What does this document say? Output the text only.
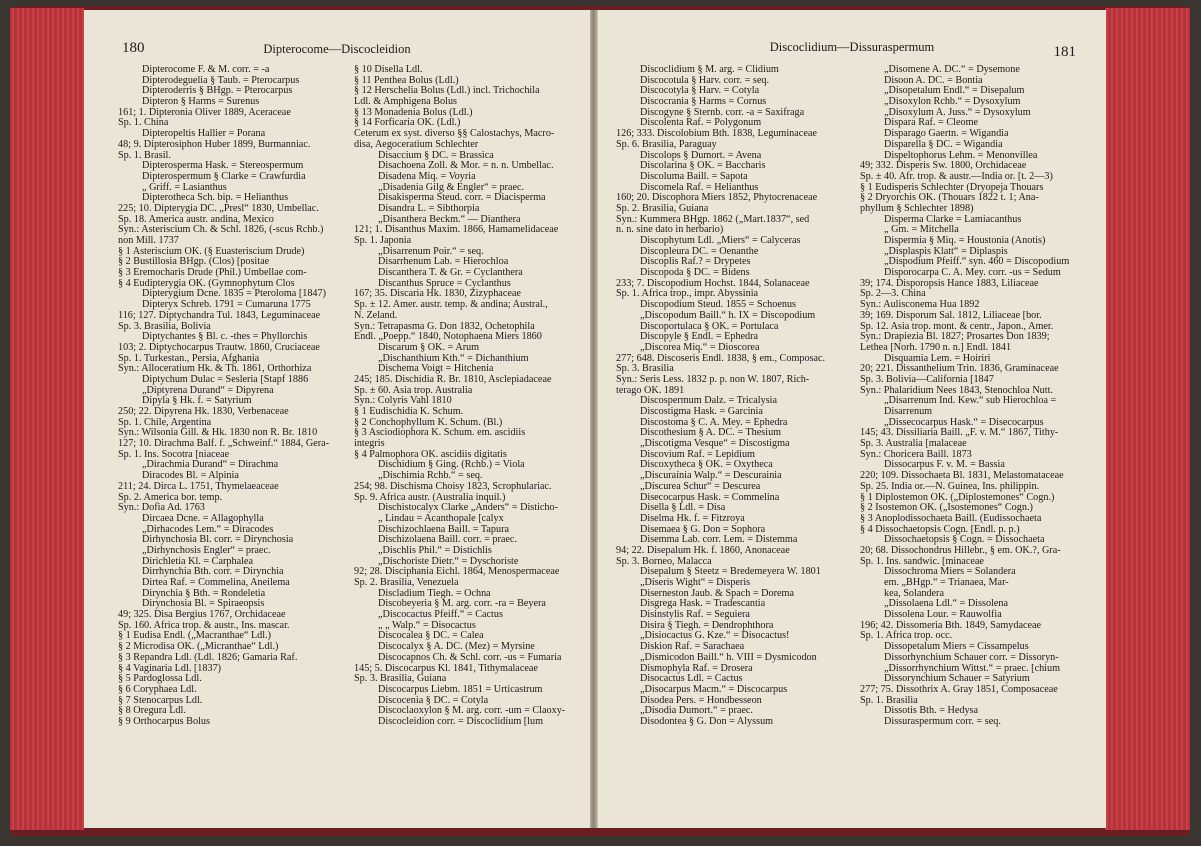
180	Dipterocome—Discocleidion
Dipterocome F. & M. corr. = -a
Dipterodeguelia § Taub. = Pterocarpus
Dipteroderris § BHgp. = Pterocarpus
Dipteron § Harms = Surenus
161; 1. Dipteronia Oliver 1889, Aceraceae
Sp. 1. China
Dipteropeltis Hallier = Porana
48; 9. Dipterosiphon Huber 1899, Burmanniac.
Sp. 1. Brasil.
Dipterosperma Hask. = Stereospermum
Dipterospermum § Clarke = Crawfurdia
„ Griff. = Lasianthus
Dipterotheca Sch. bip. = Helianthus
225; 10. Dipterygia DC. „Presl“ 1830, Umbellac.
Sp. 18. America austr. andina, Mexico
Syn.: Asteriscium Ch. & Schl. 1826, (-scus Rchb.)
non Mill. 1737
§ 1 Asteriscium OK. (§ Euasteriscium Drude)
§ 2 Bustillosia BHgp. (Clos) [positae
§ 3 Eremocharis Drude (Phil.) Umbellae com-
§ 4 Eudipterygia OK. (Gymnophytum Clos
Dipterygium Dcne. 1835 = Pteroloma [1847)
Dipteryx Schreb. 1791 = Cumaruna 1775
116; 127. Diptychandra Tul. 1843, Leguminaceae
Sp. 3. Brasilia, Bolivia
Diptychantes § Bl. c. -thes = Phyllorchis
103; 2. Diptychocarpus Trautw. 1860, Cruciaceae
Sp. 1. Turkestan., Persia, Afghania
Syn.: Alloceratium Hk. & Th. 1861, Orthorhiza
Diptychum Dulac = Sesleria [Stapf 1886
„Diptyrena Durand“ = Dipyrena
Dipyla § Hk. f. = Satyrium
250; 22. Dipyrena Hk. 1830, Verbenaceae
Sp. 1. Chile, Argentina
Syn.: Wilsonia Gill. & Hk. 1830 non R. Br. 1810
127; 10. Dirachma Balf. f. „Schweinf.“ 1884, Gera-
Sp. 1. Ins. Socotra [niaceae
„Dirachmia Durand“ = Dirachma
Diracodes Bl. = Alpinia
211; 24. Dirca L. 1751, Thymelaeaceae
Sp. 2. America bor. temp.
Syn.: Dofia Ad. 1763
Dircaea Dcne. = Allagophylla
„Dirhacodes Lem.“ = Diracodes
Dirhynchosia Bl. corr. = Dirynchosia
„Dirhynchosis Engler“ = praec.
Dirichletia Kl. = Carphalea
Dirrhynchia Bth. corr. = Dirynchia
Dirtea Raf. = Commelina, Aneilema
Dirynchia § Bth. = Rondeletia
Dirynchosia Bl. = Spiraeopsis
49; 325. Disa Bergius 1767, Orchidaceae
Sp. 160. Africa trop. & austr., Ins. mascar.
§ 1 Eudisa Endl. („Macranthae“ Ldl.)
§ 2 Microdisa OK. („Micranthae“ Ldl.)
§ 3 Repandra Ldl. (Ldl. 1826; Gamaria Raf.
§ 4 Vaginaria Ldl. [1837)
§ 5 Pardoglossa Ldl.
§ 6 Coryphaea Ldl.
§ 7 Stenocarpus Ldl.
§ 8 Oregura Ldl.
§ 9 Orthocarpus Bolus
§ 10 Disella Ldl.
§ 11 Penthea Bolus (Ldl.)
§ 12 Herschelia Bolus (Ldl.) incl. Trichochila
Ldl. & Amphigena Bolus
§ 13 Monadenia Bolus (Ldl.)
§ 14 Forficaria OK. (Ldl.)
Ceterum ex syst. diverso §§ Calostachys, Macro-
disa, Aegoceratium Schlechter
Disaccium § DC. = Brassica
Disachoena Zoll. & Mor. = n. n. Umbellac.
Disadena Miq. = Voyria
„Disadenia Gilg & Engler“ = praec.
Disakisperma Steud. corr. = Diacisperma
Disandra L. = Sibthorpia
„Disanthera Beckm.“ — Dianthera
121; 1. Disanthus Maxim. 1866, Hamamelidaceae
Sp. 1. Japonia
„Disarrenum Poir.“ = seq.
Disarrhenum Lab. = Hierochloa
Discanthera T. & Gr. = Cyclanthera
Discanthus Spruce = Cyclanthus
167; 35. Discaria Hk. 1830, Zizyphaceae
Sp. ± 12. Amer. austr. temp. & andina; Austral.,
N. Zeland.
Syn.: Tetrapasma G. Don 1832, Ochetophila
Endl. „Poepp.“ 1840, Notophaena Miers 1860
Discarum § OK. = Arum
„Dischanthium Kth.“ = Dichanthium
Dischema Voigt = Hitchenia
245; 185. Dischidia R. Br. 1810, Asclepiadaceae
Sp. ± 60. Asia trop. Australia
Syn.: Colyris Vahl 1810
§ 1 Eudischidia K. Schum.
§ 2 Conchophyllum K. Schum. (Bl.)
§ 3 Asciodiophora K. Schum. em. ascidiis
integris
§ 4 Palmophora OK. ascidiis digitatis
Dischidium § Ging. (Rchb.) = Viola
„Dischimia Rchb.“ = seq.
254; 98. Dischisma Choisy 1823, Scrophulariac.
Sp. 9. Africa austr. (Australia inquil.)
Dischistocalyx Clarke „Anders“ = Disticho-
„ Lindau = Acanthopale [calyx
Dischizochlaena Baill. = Tapura
Dischizolaena Baill. corr. = praec.
„Dischlis Phil.“ = Distichlis
„Dischoriste Dietr.“ = Dyschoriste
92; 28. Disciphania Eichl. 1864, Menospermaceae
Sp. 2. Brasilia, Venezuela
Discladium Tiegh. = Ochna
Discobeyeria § M. arg. corr. -ra = Beyera
„Discocactus Pfeiff.“ = Cactus
„ „ Walp.“ = Disocactus
Discocalea § DC. = Calea
Discocalyx § A. DC. (Mez) = Myrsine
Discocapnos Ch. & Schl. corr. -us = Fumaria
145; 5. Discocarpus Kl. 1841, Tithymalaceae
Sp. 3. Brasilia, Guiana
Discocarpus Liebm. 1851 = Urticastrum
Discocenia § DC. = Cotyla
Discoclaoxylon § M. arg. corr. -um = Claoxy-
Discocleidion corr. = Discoclidium [lum
Discoclidium—Dissuraspermum	181
Discoclidium § M. arg. = Clidium
Discocotula § Harv. corr. = seq.
Discocotyla § Harv. = Cotyla
Discocrania § Harms = Cornus
Discogyne § Sternb. corr. -a = Saxifraga
Discolenta Raf. = Polygonum
126; 333. Discolobium Bth. 1838, Leguminaceae
Sp. 6. Brasilia, Paraguay
Discolops § Dumort. = Avena
Discolarina § OK. = Baccharis
Discoluma Baill. = Sapota
Discomela Raf. = Helianthus
160; 20. Discophora Miers 1852, Phytocrenaceae
Sp. 2. Brasilia, Guiana
Syn.: Kummera BHgp. 1862 („Mart.1837“, sed
n. n. sine dato in herbario)
Discophytum Ldl. „Miers“ = Calyceras
Discopleura DC. = Oenanthe
Discoplis Raf.? = Drypetes
Discopoda § DC. = Bidens
233; 7. Discopodium Hochst. 1844, Solanaceae
Sp. 1. Africa trop., impr. Abyssinia
Discopodium Steud. 1855 = Schoenus
„Discopodum Baill.“ h. IX = Discopodium
Discoportulaca § OK. = Portulaca
Discopyle § Endl. = Ephedra
„Discorea Miq.“ = Dioscorea
277; 648. Discoseris Endl. 1838, § em., Composac.
Sp. 3. Brasilia
Syn.: Seris Less. 1832 p. p. non W. 1807, Rich-
terago OK. 1891
Discospermum Dalz. = Tricalysia
Discostigma Hask. = Garcinia
Discostoma § C. A. Mey. = Ephedra
Discothesium § A. DC. = Thesium
„Discotigma Vesque“ = Discostigma
Discovium Raf. = Lepidium
Discoxytheca § OK. = Oxytheca
„Discuraínia Walp.“ = Descurainia
„Discurea Schur“ = Descurea
Disecocarpus Hask. = Commelina
Disella § Ldl. = Disa
Diselma Hk. f. = Fitzroya
Disemaea § G. Don = Sophora
Disemma Lab. corr. Lem. = Distemma
94; 22. Disepalum Hk. f. 1860, Anonaceae
Sp. 3. Borneo, Malacca
Disepalum § Steetz = Bredemeyera W. 1801
„Diseris Wight“ = Disperis
Diserneston Jaub. & Spach = Dorema
Disgrega Hask. = Tradescantia
Disinstylis Raf. = Seguiera
Disira § Tiegh. = Dendrophthora
„Disiocactus G. Kze.“ = Disocactus!
Diskion Raf. = Sarachaea
„Dismicodon Baill.“ h. VIII = Dysmicodon
Dismophyla Raf. = Drosera
Disocactus Ldl. = Cactus
„Disocarpus Macm.“ = Discocarpus
Disodea Pers. = Hondbesseon
„Disodia Dumort.“ = praec.
Disodontea § G. Don = Alyssum
„Disomene A. DC.“ = Dysemone
Disoon A. DC. = Bontia
„Disopetalum Endl.“ = Disepalum
„Disoxylon Rchb.“ = Dysoxylum
„Disoxylum A. Juss.“ = Dysoxylum
Dispara Raf. = Cleome
Disparago Gaertn. = Wigandia
Disparella § DC. = Wigandia
Dispeltophorus Lehm. = Menonvillea
49; 332. Disperis Sw. 1800, Orchidaceae
Sp. ± 40. Afr. trop. & austr.—India or. [t. 2—3)
§ 1 Eudisperis Schlechter (Dryopeja Thouars
§ 2 Dryorchis OK. (Thouars 1822 t. 1; Ana-
phyllum § Schlechter 1898)
Disperma Clarke = Lamiacanthus
„ Gm. = Mitchella
Dispermia § Miq. = Houstonia (Anotis)
„Displaspis Klatt“ = Diplaspis
„Dispodium Pfeiff.“ syn. 460 = Discopodium
Disporocarpa C. A. Mey. corr. -us = Sedum
39; 174. Disporopsis Hance 1883, Liliaceae
Sp. 2—3. China
Syn.: Aulisconema Hua 1892
39; 169. Disporum Sal. 1812, Liliaceae [bor.
Sp. 12. Asia trop. mont. & centr., Japon., Amer.
Syn.: Drapiezia Bl. 1827; Prosartes Don 1839;
Lethea [Norh. 1790 n. n.] Endl. 1841
Disquamia Lem. = Hoiriri
20; 221. Dissanthelium Trin. 1836, Gramínaceae
Sp. 3. Bolivia—California [1847
Syn.: Phalaridium Nees 1843, Stenochloa Nutt.
„Disarrenum Ind. Kew.“ sub Hierochloa =
Disarrenum
„Dissecocarpus Hask.“ = Disecocarpus
145; 43. Dissiliaria Baill. „F. v. M.“ 1867, Tithy-
Sp. 3. Australia [malaceae
Syn.: Choricera Baill. 1873
Dissocarpus F. v. M. = Bassia
220; 109. Dissochaeta Bl. 1831, Melastomataceae
Sp. 25. India or.—N. Guinea, Ins. philippin.
§ 1 Diplostemon OK. („Diplostemones“ Cogn.)
§ 2 Isostemon OK. („Isostemones“ Cogn.)
§ 3 Anoplodissochaeta Baill. (Eudissochaeta
§ 4 Dissochaetopsis Cogn. [Endl. p. p.)
Dissochaetopsis § Cogn. = Dissochaeta
20; 68. Dissochondrus Hillebr., § em. OK.?, Gra-
Sp. 1. Ins. sandwic. [minaceae
Dissochroma Miers = Solandera
em. „BHgp.“ = Trianaea, Mar-
kea, Solandera
„Dissolaena Ldl.“ = Dissolena
Dissolena Lour. = Rauwolfia
196; 42. Dissomeria Bth. 1849, Samydaceae
Sp. 1. Africa trop. occ.
Dissopetalum Miers = Cissampelus
Dissorhynchium Schauer corr. = Dissoryn-
„Dissorrhynchium Wittst.“ = praec. [chium
Dissorynchium Schauer = Satyrium
277; 75. Dissothrix A. Gray 1851, Composaceae
Sp. 1. Brasilia
Dissotis Bth. = Hedysa
Dissuraspermum corr. = seq.
